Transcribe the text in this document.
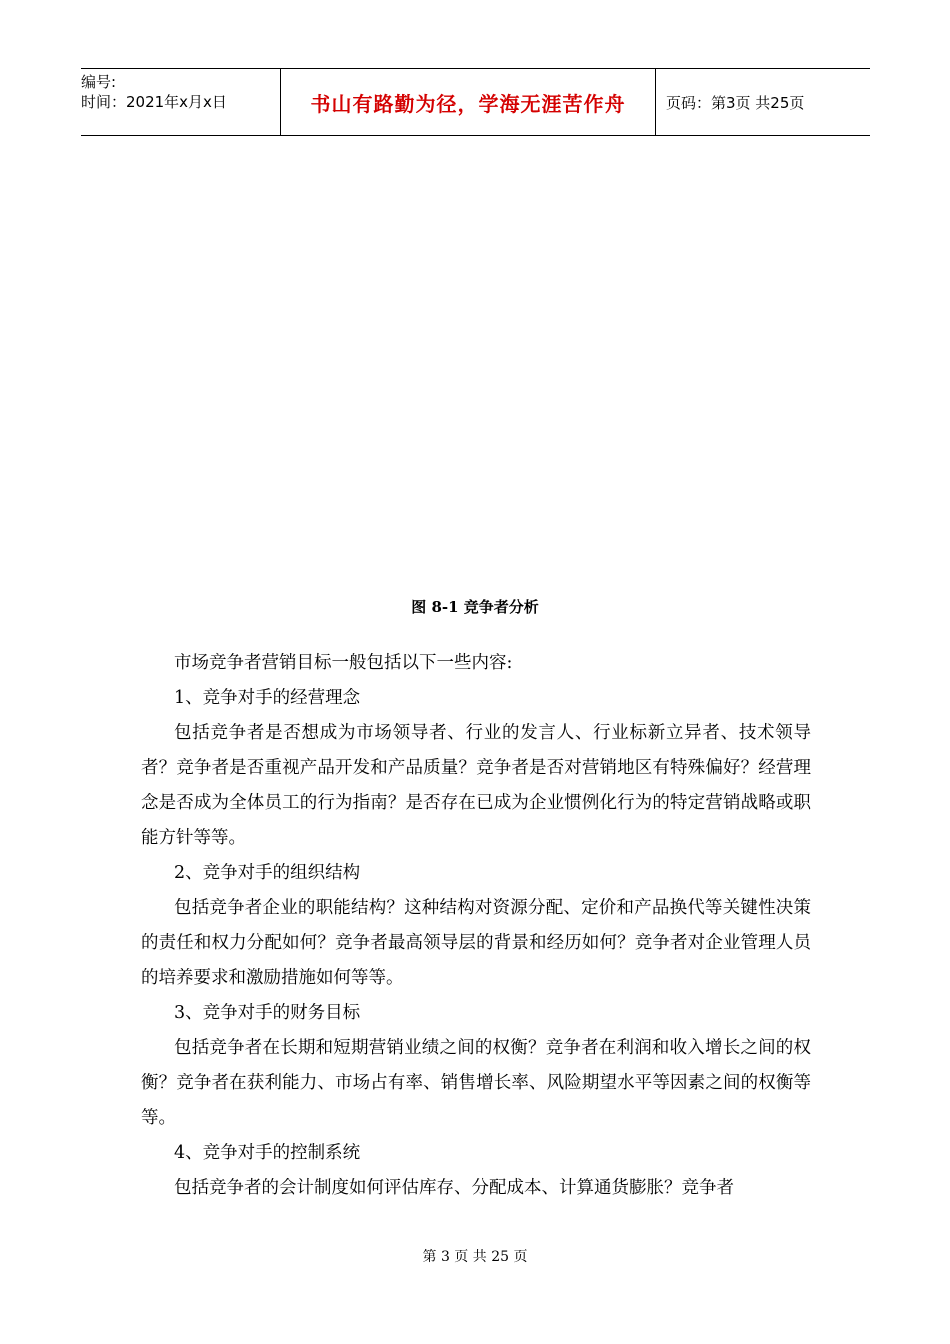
编号:
时间：2021年x月x日	书山有路勤为径，学海无涯苦作舟	页码：第3页 共25页
图 8-1 竞争者分析

市场竞争者营销目标一般包括以下一些内容:

1、竞争对手的经营理念

包括竞争者是否想成为市场领导者、行业的发言人、行业标新立异者、技术领导者？竞争者是否重视产品开发和产品质量？竞争者是否对营销地区有特殊偏好？经营理念是否成为全体员工的行为指南？是否存在已成为企业惯例化行为的特定营销战略或职能方针等等。

2、竞争对手的组织结构

包括竞争者企业的职能结构？这种结构对资源分配、定价和产品换代等关键性决策的责任和权力分配如何？竞争者最高领导层的背景和经历如何？竞争者对企业管理人员的培养要求和激励措施如何等等。

3、竞争对手的财务目标

包括竞争者在长期和短期营销业绩之间的权衡？竞争者在利润和收入增长之间的权衡？竞争者在获利能力、市场占有率、销售增长率、风险期望水平等因素之间的权衡等等。

4、竞争对手的控制系统

包括竞争者的会计制度如何评估库存、分配成本、计算通货膨胀？竞争者

第 3 页 共 25 页
